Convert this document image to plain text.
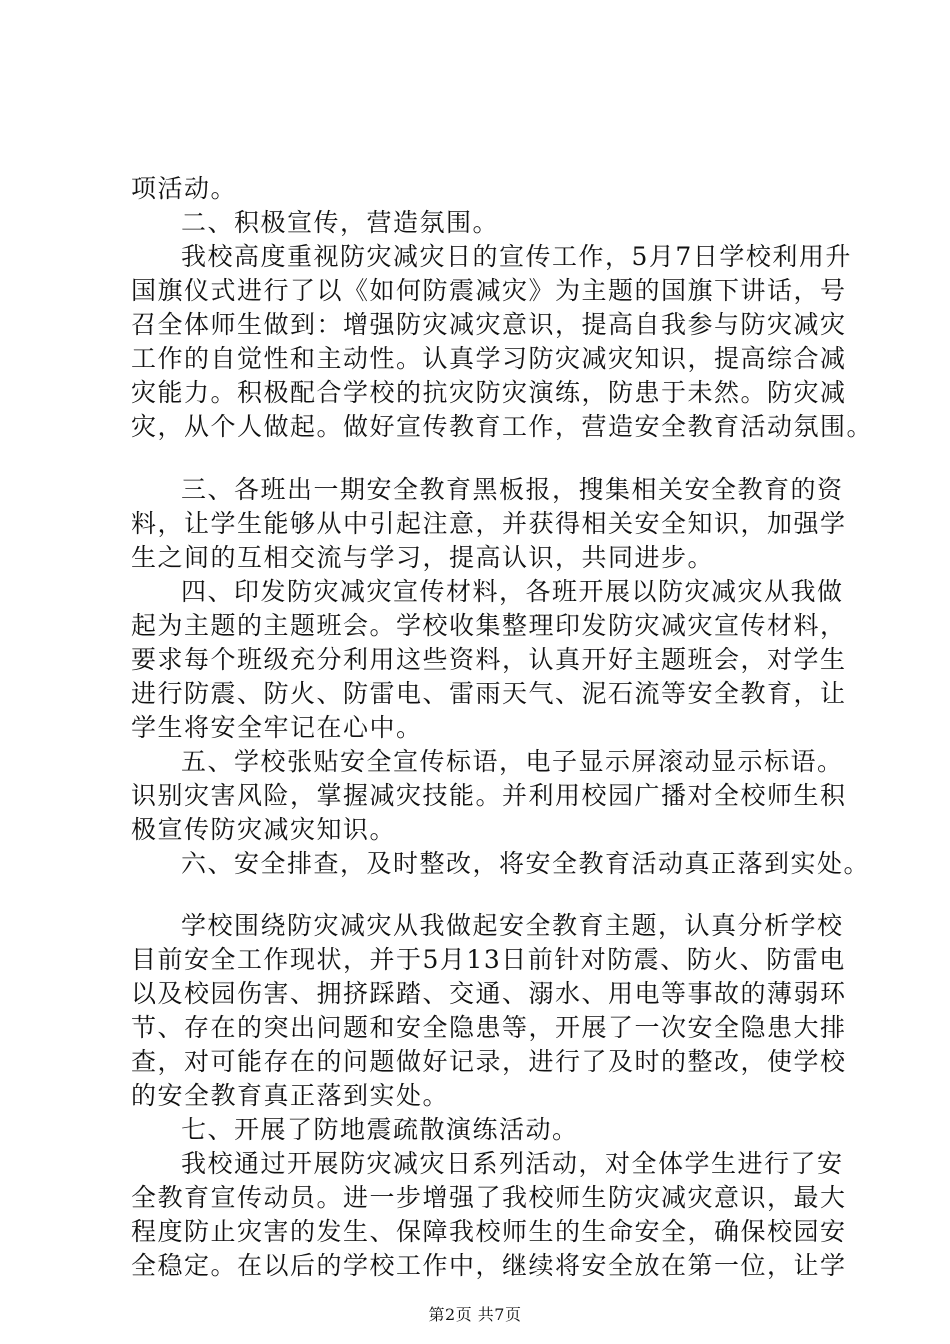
项活动。
二、积极宣传，营造氛围。
我校高度重视防灾减灾日的宣传工作，5月7日学校利用升
国旗仪式进行了以《如何防震减灾》为主题的国旗下讲话，号
召全体师生做到：增强防灾减灾意识，提高自我参与防灾减灾
工作的自觉性和主动性。认真学习防灾减灾知识，提高综合减
灾能力。积极配合学校的抗灾防灾演练，防患于未然。防灾减
灾，从个人做起。做好宣传教育工作，营造安全教育活动氛围。
三、各班出一期安全教育黑板报，搜集相关安全教育的资
料，让学生能够从中引起注意，并获得相关安全知识，加强学
生之间的互相交流与学习，提高认识，共同进步。
四、印发防灾减灾宣传材料，各班开展以防灾减灾从我做
起为主题的主题班会。学校收集整理印发防灾减灾宣传材料，
要求每个班级充分利用这些资料，认真开好主题班会，对学生
进行防震、防火、防雷电、雷雨天气、泥石流等安全教育，让
学生将安全牢记在心中。
五、学校张贴安全宣传标语，电子显示屏滚动显示标语。
识别灾害风险，掌握减灾技能。并利用校园广播对全校师生积
极宣传防灾减灾知识。
六、安全排查，及时整改，将安全教育活动真正落到实处。
学校围绕防灾减灾从我做起安全教育主题，认真分析学校
目前安全工作现状，并于5月13日前针对防震、防火、防雷电
以及校园伤害、拥挤踩踏、交通、溺水、用电等事故的薄弱环
节、存在的突出问题和安全隐患等，开展了一次安全隐患大排
查，对可能存在的问题做好记录，进行了及时的整改，使学校
的安全教育真正落到实处。
七、开展了防地震疏散演练活动。
我校通过开展防灾减灾日系列活动，对全体学生进行了安
全教育宣传动员。进一步增强了我校师生防灾减灾意识，最大
程度防止灾害的发生、保障我校师生的生命安全，确保校园安
全稳定。在以后的学校工作中，继续将安全放在第一位，让学
第2页 共7页
